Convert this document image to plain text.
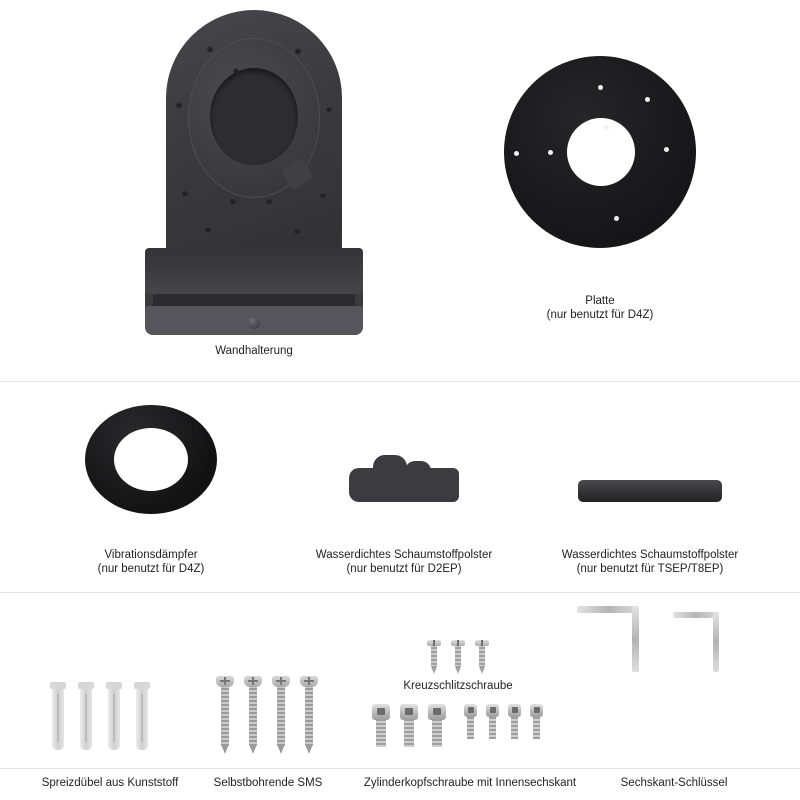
Wandhalterung
Platte
(nur benutzt für D4Z)
Vibrationsdämpfer
(nur benutzt für D4Z)
Wasserdichtes Schaumstoffpolster
(nur benutzt für D2EP)
Wasserdichtes Schaumstoffpolster
(nur benutzt für TSEP/T8EP)
Spreizdübel aus Kunststoff	Selbstbohrende SMS
Kreuzschlitzschraube
Zylinderkopfschraube mit Innensechskant	Sechskant-Schlüssel
